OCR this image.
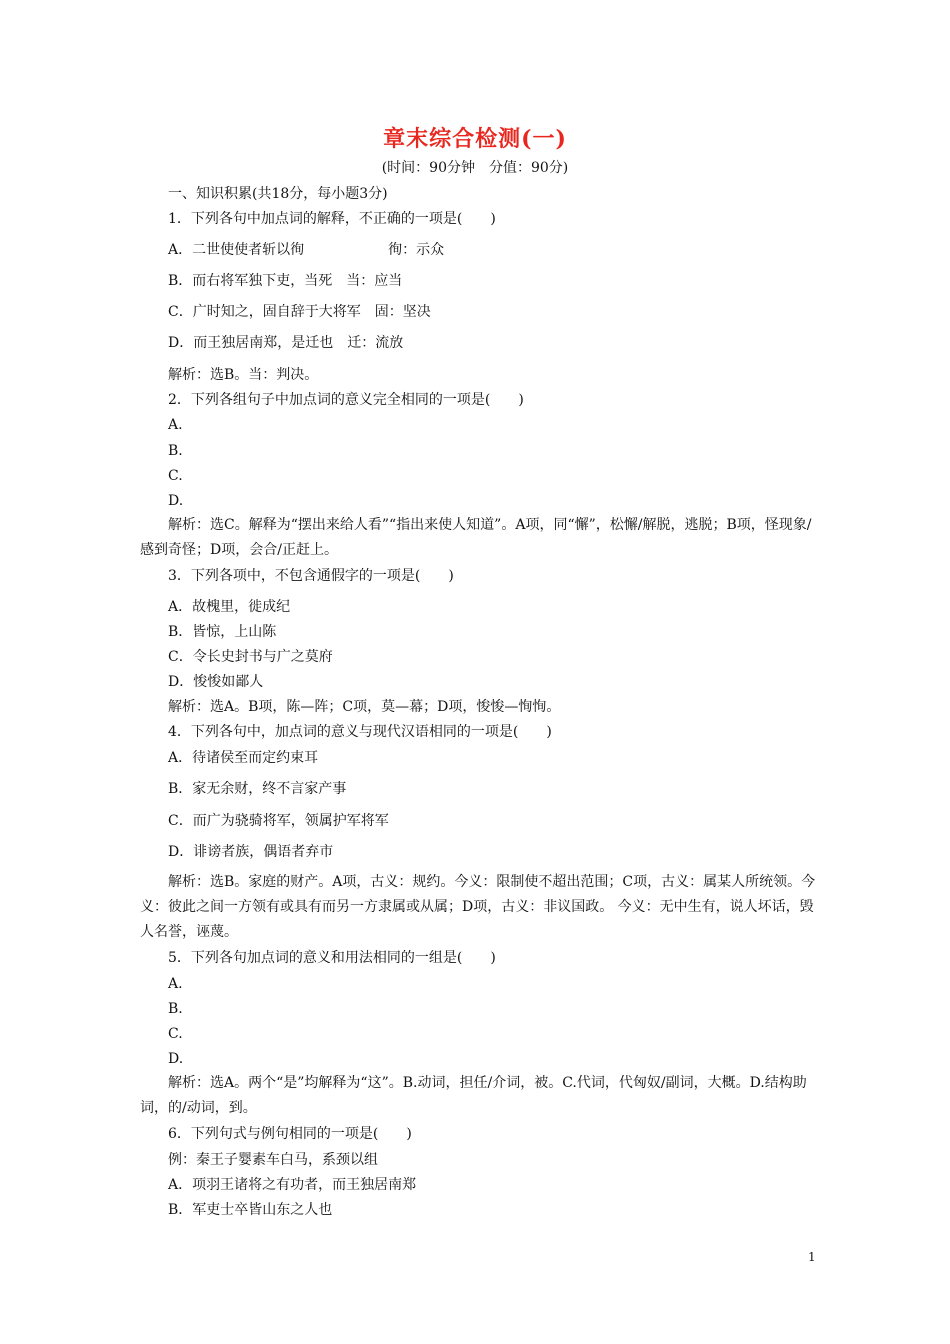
章末综合检测(一)
(时间：90分钟　分值：90分)
一、知识积累(共18分，每小题3分)
1．下列各句中加点词的解释，不正确的一项是(　　)
A．二世使使者斩以徇　　　　　　徇：示众
B．而右将军独下吏，当死　当：应当
C．广时知之，固自辞于大将军　固：坚决
D．而王独居南郑，是迁也　迁：流放
解析：选B。当：判决。
2．下列各组句子中加点词的意义完全相同的一项是(　　)
A.
B.
C.
D.
解析：选C。解释为“摆出来给人看”“指出来使人知道”。A项，同“懈”，松懈/解脱，逃脱；B项，怪现象/感到奇怪；D项，会合/正赶上。
3．下列各项中，不包含通假字的一项是(　　)
A．故槐里，徙成纪
B．皆惊，上山陈
C．令长史封书与广之莫府
D．悛悛如鄙人
解析：选A。B项，陈—阵；C项，莫—幕；D项，悛悛—恂恂。
4．下列各句中，加点词的意义与现代汉语相同的一项是(　　)
A．待诸侯至而定约束耳
B．家无余财，终不言家产事
C．而广为骁骑将军，领属护军将军
D．诽谤者族，偶语者弃市
解析：选B。家庭的财产。A项，古义：规约。今义：限制使不超出范围；C项，古义：属某人所统领。今义：彼此之间一方领有或具有而另一方隶属或从属；D项，古义：非议国政。 今义：无中生有，说人坏话，毁人名誉，诬蔑。
5．下列各句加点词的意义和用法相同的一组是(　　)
A.
B.
C.
D.
解析：选A。两个“是”均解释为“这”。B.动词，担任/介词，被。C.代词，代匈奴/副词，大概。D.结构助词，的/动词，到。
6．下列句式与例句相同的一项是(　　)
例：秦王子婴素车白马，系颈以组
A．项羽王诸将之有功者，而王独居南郑
B．军吏士卒皆山东之人也
1
